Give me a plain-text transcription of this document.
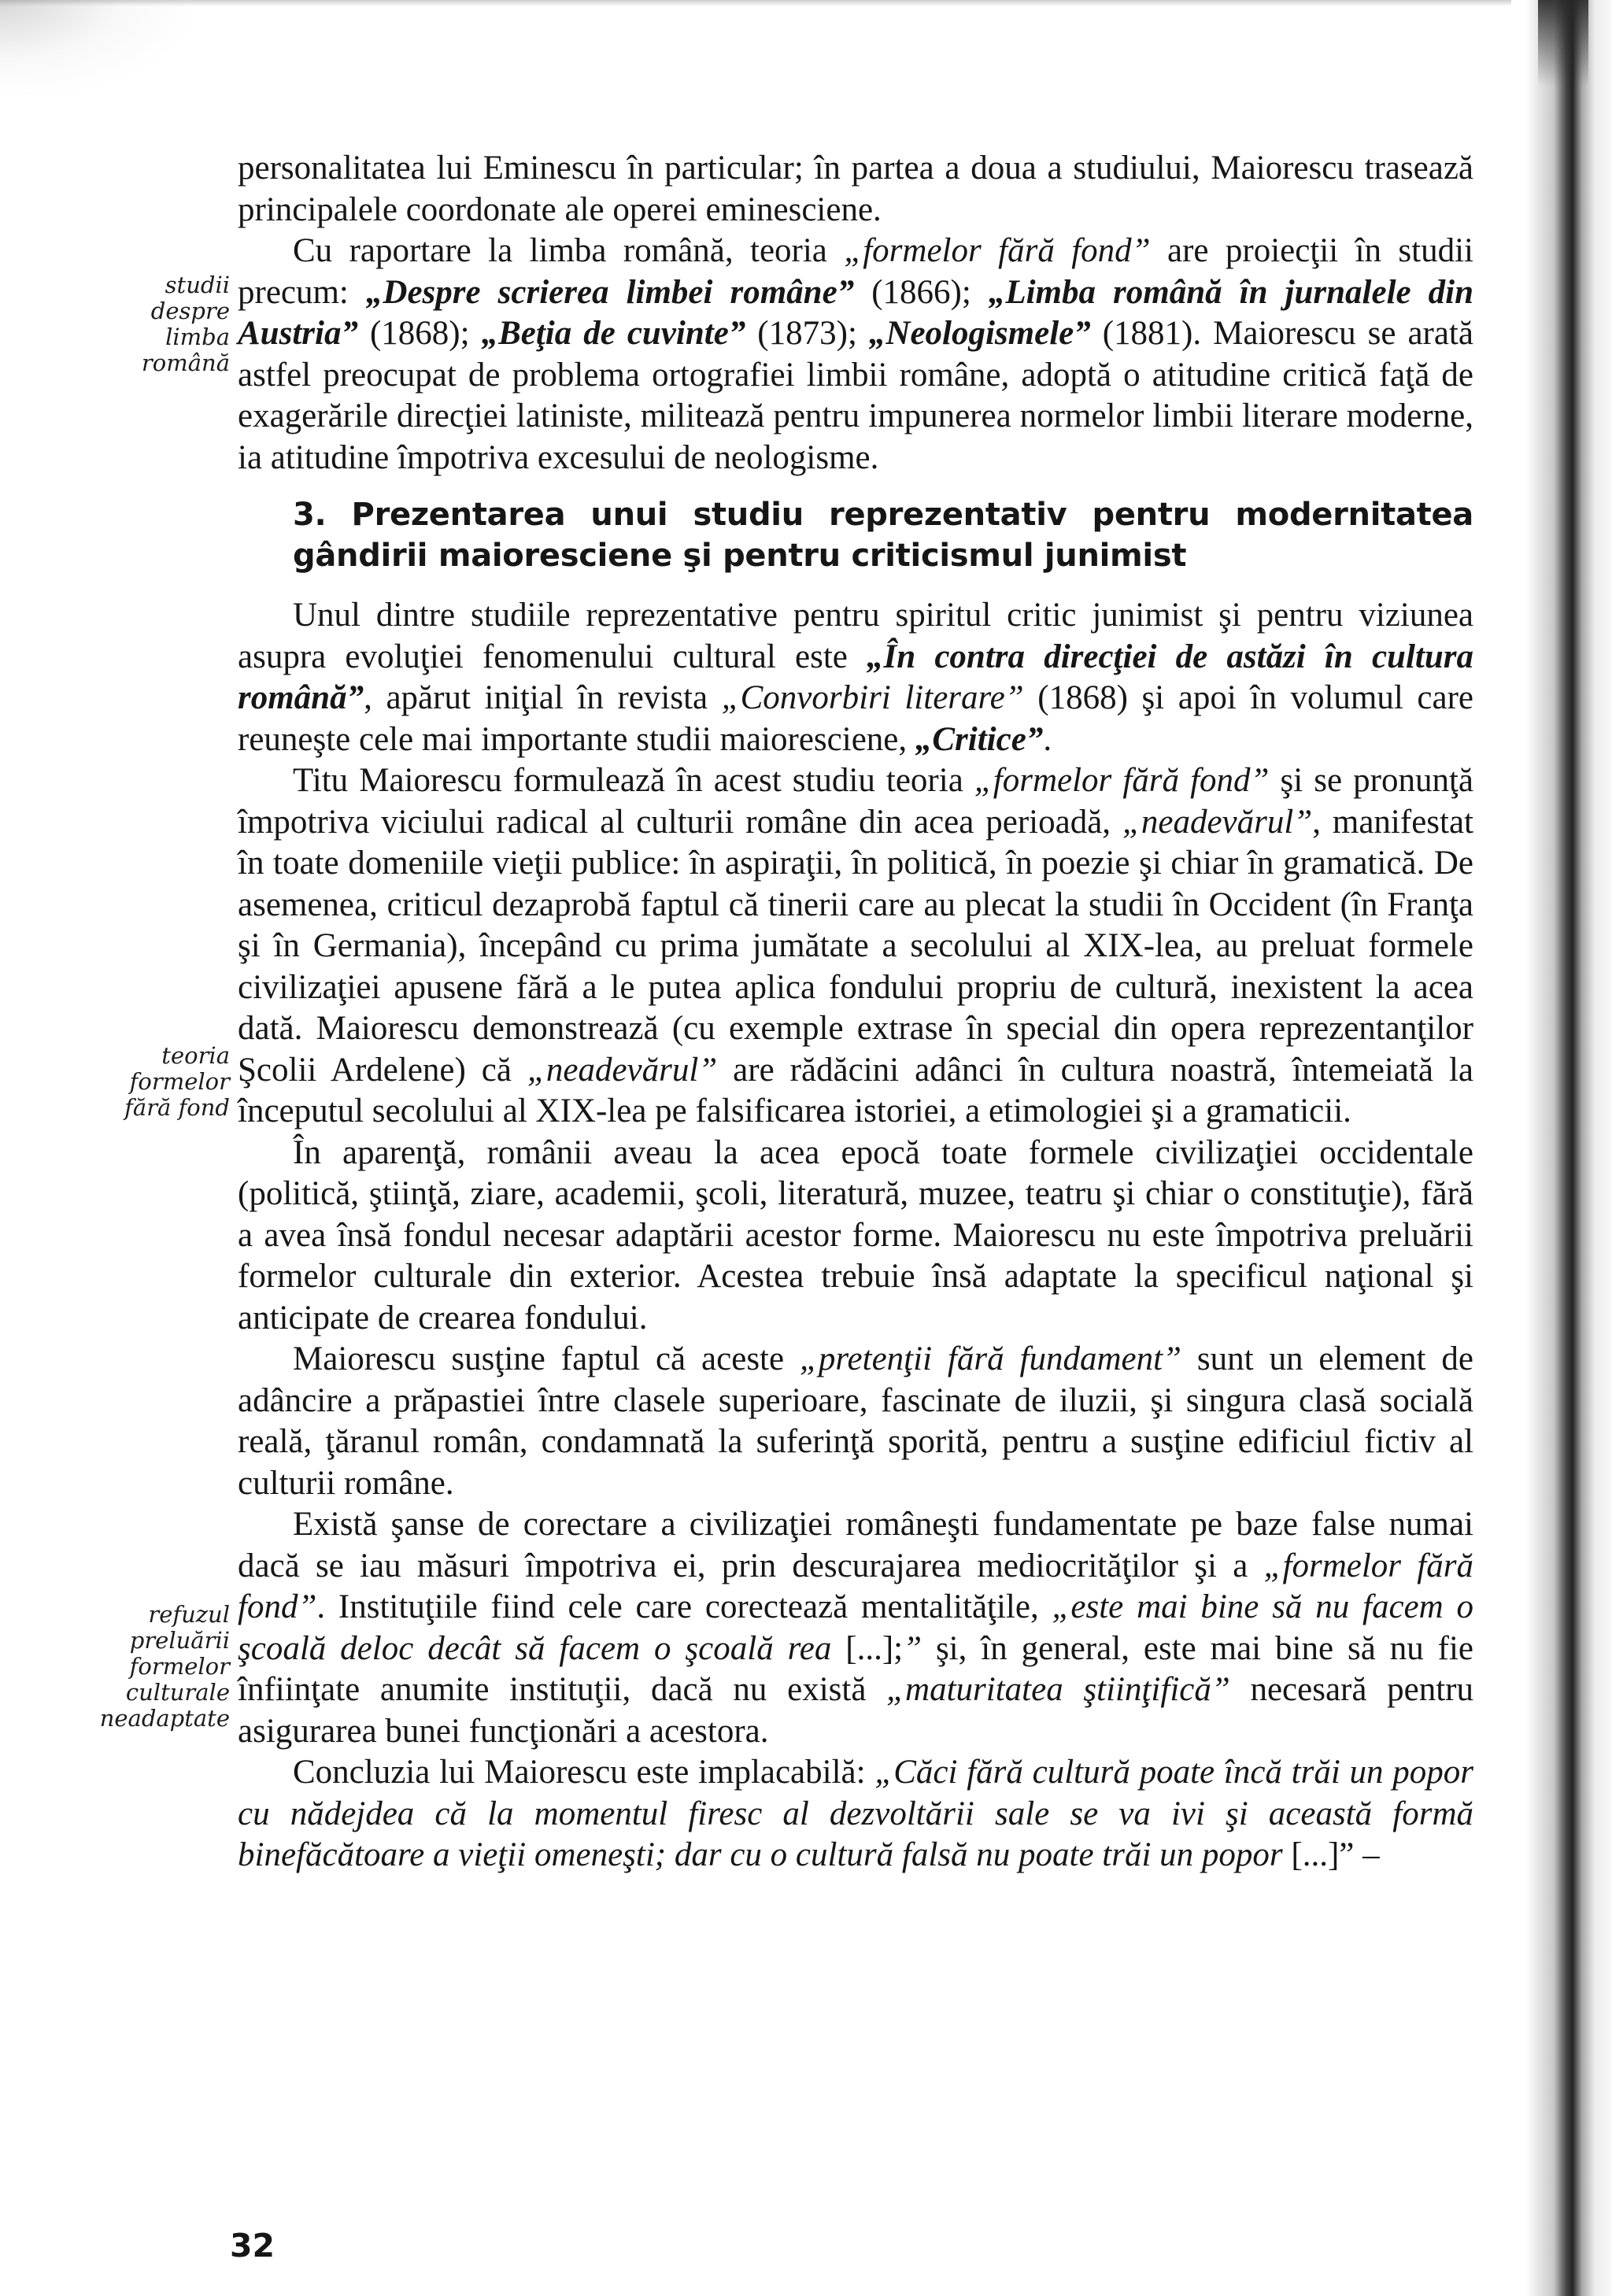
studii
despre
limba
română
teoria
formelor
fără fond
refuzul
preluării
formelor
culturale
neadaptate

personalitatea lui Eminescu în particular; în partea a doua a studiului, Maiorescu trasează principalele coordonate ale operei eminesciene.

Cu raportare la limba română, teoria „formelor fără fond” are proiecţii în studii precum: „Despre scrierea limbei române” (1866); „Limba română în jurnalele din Austria” (1868); „Beţia de cuvinte” (1873); „Neologismele” (1881). Maiorescu se arată astfel preocupat de problema ortografiei limbii române, adoptă o atitudine critică faţă de exagerările direcţiei latiniste, militează pentru impunerea normelor limbii literare moderne, ia atitudine împotriva excesului de neologisme.

3. Prezentarea unui studiu reprezentativ pentru modernitatea gândirii maioresciene şi pentru criticismul junimist

Unul dintre studiile reprezentative pentru spiritul critic junimist şi pentru viziunea asupra evoluţiei fenomenului cultural este „În contra direcţiei de astăzi în cultura română”, apărut iniţial în revista „Convorbiri literare” (1868) şi apoi în volumul care reuneşte cele mai importante studii maioresciene, „Critice”.

Titu Maiorescu formulează în acest studiu teoria „formelor fără fond” şi se pronunţă împotriva viciului radical al culturii române din acea perioadă, „neadevărul”, manifestat în toate domeniile vieţii publice: în aspiraţii, în politică, în poezie şi chiar în gramatică. De asemenea, criticul dezaprobă faptul că tinerii care au plecat la studii în Occident (în Franţa şi în Germania), începând cu prima jumătate a secolului al XIX-lea, au preluat formele civilizaţiei apusene fără a le putea aplica fondului propriu de cultură, inexistent la acea dată. Maiorescu demonstrează (cu exemple extrase în special din opera reprezentanţilor Şcolii Ardelene) că „neadevărul” are rădăcini adânci în cultura noastră, întemeiată la începutul secolului al XIX-lea pe falsificarea istoriei, a etimologiei şi a gramaticii.

În aparenţă, românii aveau la acea epocă toate formele civilizaţiei occidentale (politică, ştiinţă, ziare, academii, şcoli, literatură, muzee, teatru şi chiar o constituţie), fără a avea însă fondul necesar adaptării acestor forme. Maiorescu nu este împotriva preluării formelor culturale din exterior. Acestea trebuie însă adaptate la specificul naţional şi anticipate de crearea fondului.

Maiorescu susţine faptul că aceste „pretenţii fără fundament” sunt un element de adâncire a prăpastiei între clasele superioare, fascinate de iluzii, şi singura clasă socială reală, ţăranul român, condamnată la suferinţă sporită, pentru a susţine edificiul fictiv al culturii române.

Există şanse de corectare a civilizaţiei româneşti fundamentate pe baze false numai dacă se iau măsuri împotriva ei, prin descurajarea mediocrităţilor şi a „formelor fără fond”. Instituţiile fiind cele care corectează mentalităţile, „este mai bine să nu facem o şcoală deloc decât să facem o şcoală rea [...];” şi, în general, este mai bine să nu fie înfiinţate anumite instituţii, dacă nu există „maturitatea ştiinţifică” necesară pentru asigurarea bunei funcţionări a acestora.

Concluzia lui Maiorescu este implacabilă: „Căci fără cultură poate încă trăi un popor cu nădejdea că la momentul firesc al dezvoltării sale se va ivi şi această formă binefăcătoare a vieţii omeneşti; dar cu o cultură falsă nu poate trăi un popor [...]” –

32
